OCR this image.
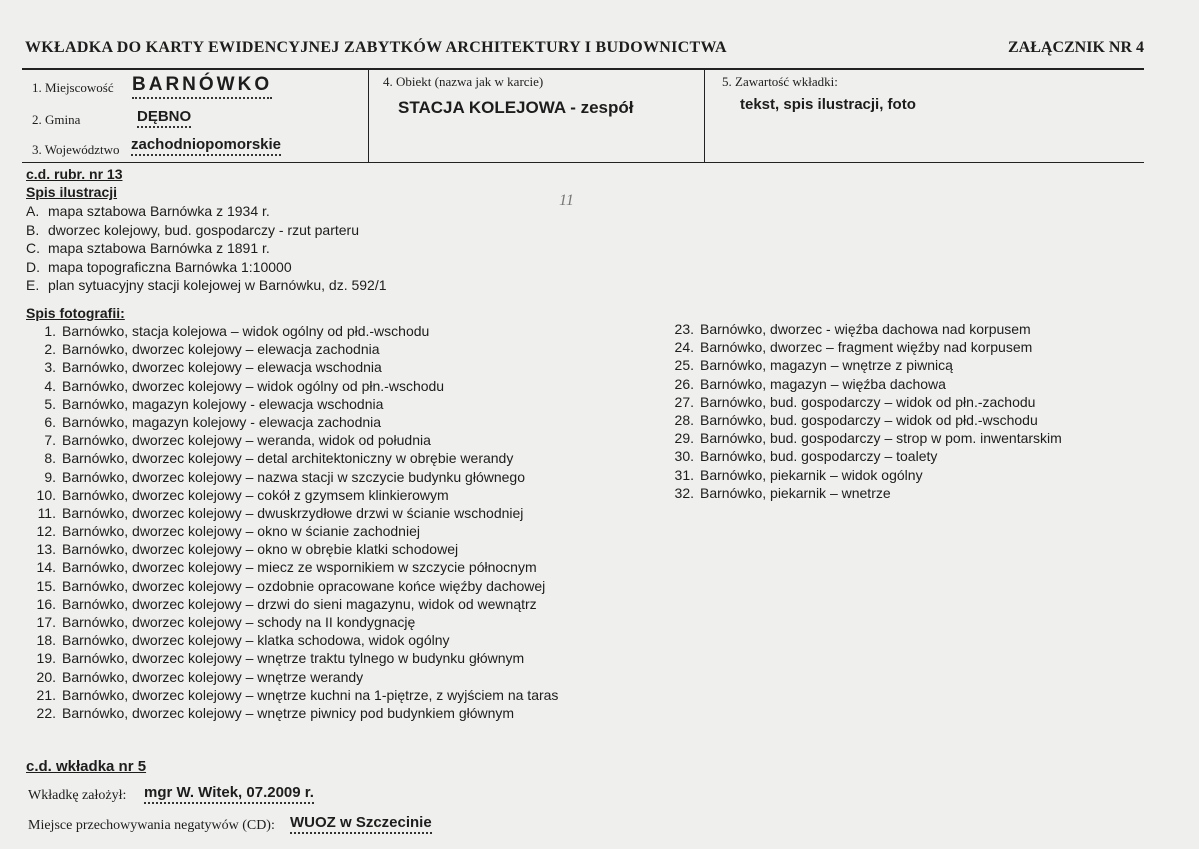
WKŁADKA DO KARTY EWIDENCYJNEJ ZABYTKÓW ARCHITEKTURY I BUDOWNICTWA	ZAŁĄCZNIK NR 4
1. Miejscowość BARNÓWKO
2. Gmina	DĘBNO
3. Województwo zachodniopomorskie
4. Obiekt (nazwa jak w karcie)
STACJA KOLEJOWA - zespół
5. Zawartość wkładki:
tekst, spis ilustracji, foto
c.d. rubr. nr 13
Spis ilustracji
A. mapa sztabowa Barnówka z 1934 r.
B. dworzec kolejowy, bud. gospodarczy - rzut parteru
C. mapa sztabowa Barnówka z 1891 r.
D. mapa topograficzna Barnówka 1:10000
E. plan sytuacyjny stacji kolejowej w Barnówku, dz. 592/1
11
Spis fotografii:
1. Barnówko, stacja kolejowa – widok ogólny od płd.-wschodu
2. Barnówko, dworzec kolejowy – elewacja zachodnia
3. Barnówko, dworzec kolejowy – elewacja wschodnia
4. Barnówko, dworzec kolejowy – widok ogólny od płn.-wschodu
5. Barnówko, magazyn kolejowy - elewacja wschodnia
6. Barnówko, magazyn kolejowy - elewacja zachodnia
7. Barnówko, dworzec kolejowy – weranda, widok od południa
8. Barnówko, dworzec kolejowy – detal architektoniczny w obrębie werandy
9. Barnówko, dworzec kolejowy – nazwa stacji w szczycie budynku głównego
10. Barnówko, dworzec kolejowy – cokół z gzymsem klinkierowym
11. Barnówko, dworzec kolejowy – dwuskrzydłowe drzwi w ścianie wschodniej
12. Barnówko, dworzec kolejowy – okno w ścianie zachodniej
13. Barnówko, dworzec kolejowy – okno w obrębie klatki schodowej
14. Barnówko, dworzec kolejowy – miecz ze wspornikiem w szczycie północnym
15. Barnówko, dworzec kolejowy – ozdobnie opracowane końce więźby dachowej
16. Barnówko, dworzec kolejowy – drzwi do sieni magazynu, widok od wewnątrz
17. Barnówko, dworzec kolejowy – schody na II kondygnację
18. Barnówko, dworzec kolejowy – klatka schodowa, widok ogólny
19. Barnówko, dworzec kolejowy – wnętrze traktu tylnego w budynku głównym
20. Barnówko, dworzec kolejowy – wnętrze werandy
21. Barnówko, dworzec kolejowy – wnętrze kuchni na 1-piętrze, z wyjściem na taras
22. Barnówko, dworzec kolejowy – wnętrze piwnicy pod budynkiem głównym
23. Barnówko, dworzec - więźba dachowa nad korpusem
24. Barnówko, dworzec – fragment więźby nad korpusem
25. Barnówko, magazyn – wnętrze z piwnicą
26. Barnówko, magazyn – więźba dachowa
27. Barnówko, bud. gospodarczy – widok od płn.-zachodu
28. Barnówko, bud. gospodarczy – widok od płd.-wschodu
29. Barnówko, bud. gospodarczy – strop w pom. inwentarskim
30. Barnówko, bud. gospodarczy – toalety
31. Barnówko, piekarnik – widok ogólny
32. Barnówko, piekarnik – wnetrze
c.d. wkładka nr 5
Wkładkę założył: mgr W. Witek, 07.2009 r.
Miejsce przechowywania negatywów (CD): WUOZ w Szczecinie
